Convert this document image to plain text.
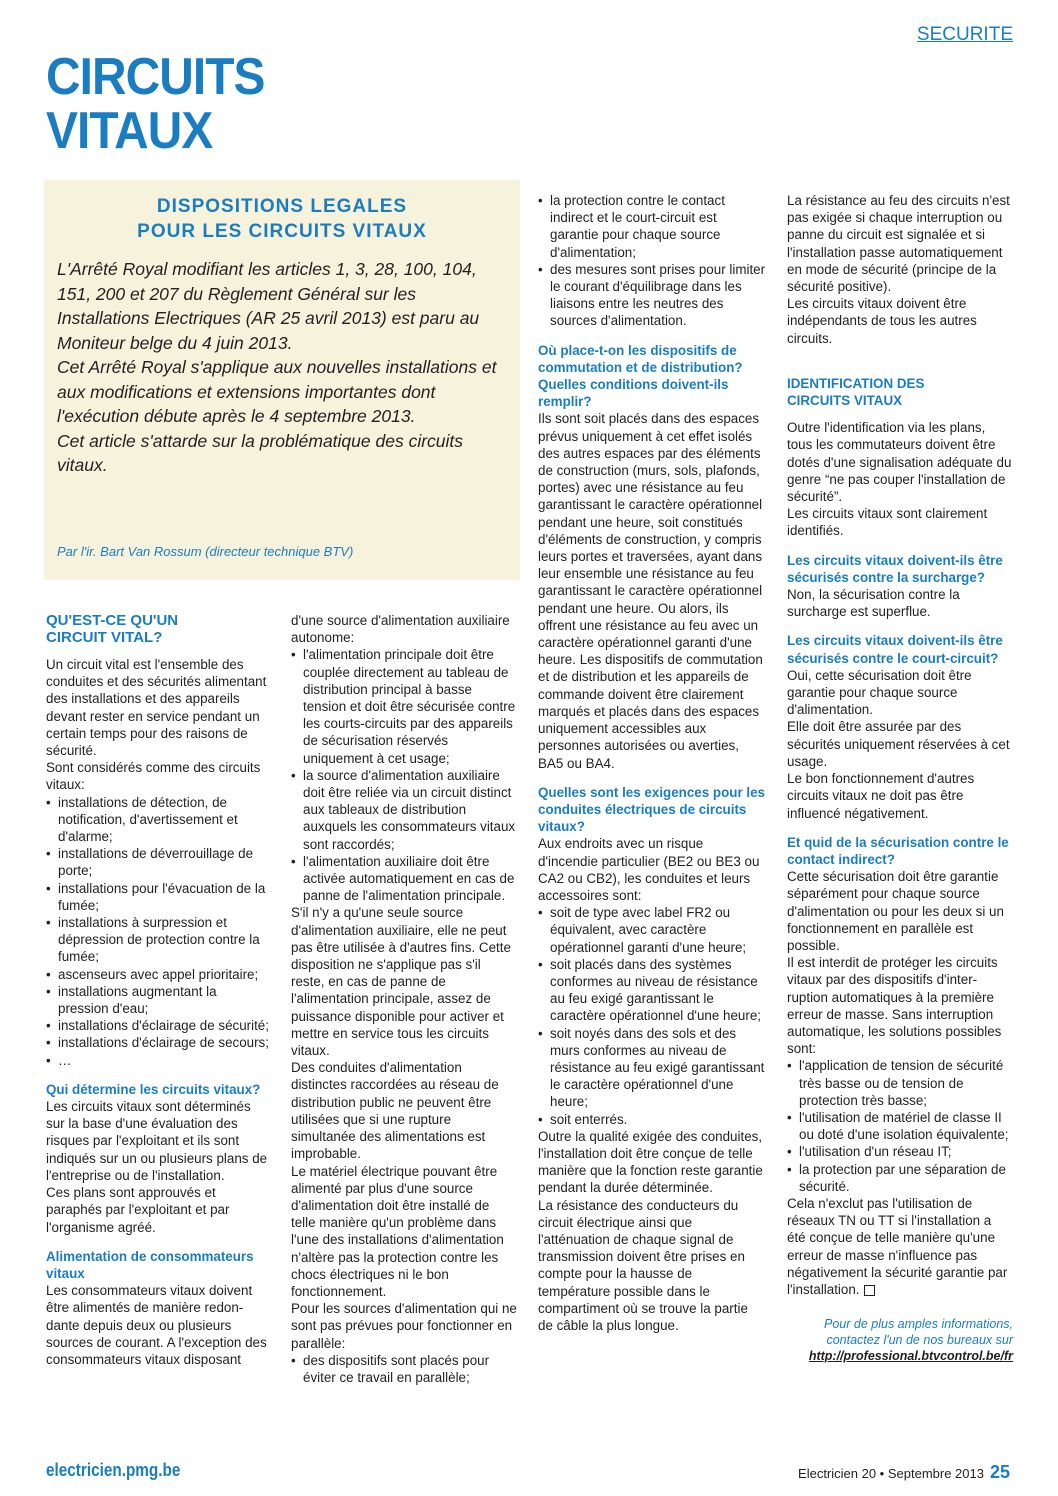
SECURITE
CIRCUITS
VITAUX
DISPOSITIONS LEGALES
POUR LES CIRCUITS VITAUX

L'Arrêté Royal modifiant les articles 1, 3, 28, 100, 104, 151, 200 et 207 du Règlement Général sur les Installations Electriques (AR 25 avril 2013) est paru au Moniteur belge du 4 juin 2013.

Cet Arrêté Royal s'applique aux nouvelles installations et aux modifications et extensions importantes dont l'exécution débute après le 4 septembre 2013.

Cet article s'attarde sur la problématique des circuits vitaux.

Par l'ir. Bart Van Rossum (directeur technique BTV)

QU'EST-CE QU'UN CIRCUIT VITAL?

Un circuit vital est l'ensemble des conduites et des sécurités alimentant des installations et des appareils devant rester en service pendant un certain temps pour des raisons de sécurité.

Sont considérés comme des circuits vitaux:

• installations de détection, de notification, d'avertissement et d'alarme;
• installations de déverrouillage de porte;
• installations pour l'évacuation de la fumée;
• installations à surpression et dépression de protection contre la fumée;
• ascenseurs avec appel prioritaire;
• installations augmentant la pression d'eau;
• installations d'éclairage de sécurité;
• installations d'éclairage de secours;
• …

Qui détermine les circuits vitaux?

Les circuits vitaux sont déterminés sur la base d'une évaluation des risques par l'exploitant et ils sont indiqués sur un ou plusieurs plans de l'entreprise ou de l'installation.

Ces plans sont approuvés et paraphés par l'exploitant et par l'organisme agréé.

Alimentation de consommateurs vitaux

Les consommateurs vitaux doivent être alimentés de manière redondante depuis deux ou plusieurs sources de courant. A l'exception des consommateurs vitaux disposant

d'une source d'alimentation auxiliaire autonome:

• l'alimentation principale doit être couplée directement au tableau de distribution principal à basse tension et doit être sécurisée contre les courts-circuits par des appareils de sécurisation réservés uniquement à cet usage;
• la source d'alimentation auxiliaire doit être reliée via un circuit distinct aux tableaux de distribution auxquels les consommateurs vitaux sont raccordés;
• l'alimentation auxiliaire doit être activée automatiquement en cas de panne de l'alimentation principale.

S'il n'y a qu'une seule source d'alimentation auxiliaire, elle ne peut pas être utilisée à d'autres fins. Cette disposition ne s'applique pas s'il reste, en cas de panne de l'alimentation principale, assez de puissance disponible pour activer et mettre en service tous les circuits vitaux.

Des conduites d'alimentation distinctes raccordées au réseau de distribution public ne peuvent être utilisées que si une rupture simultanée des alimentations est improbable.

Le matériel électrique pouvant être alimenté par plus d'une source d'alimentation doit être installé de telle manière qu'un problème dans l'une des installations d'alimentation n'altère pas la protection contre les chocs électriques ni le bon fonctionnement.

Pour les sources d'alimentation qui ne sont pas prévues pour fonctionner en parallèle:

• des dispositifs sont placés pour éviter ce travail en parallèle;
• la protection contre le contact indirect et le court-circuit est garantie pour chaque source d'alimentation;
• des mesures sont prises pour limiter le courant d'équilibrage dans les liaisons entre les neutres des sources d'alimentation.

Où place-t-on les dispositifs de commutation et de distribution? Quelles conditions doivent-ils remplir?

Ils sont soit placés dans des espaces prévus uniquement à cet effet isolés des autres espaces par des éléments de construction (murs, sols, plafonds, portes) avec une résistance au feu garantissant le caractère opérationnel pendant une heure, soit constitués d'éléments de construction, y compris leurs portes et traversées, ayant dans leur ensemble une résistance au feu garantissant le caractère opérationnel pendant une heure. Ou alors, ils offrent une résistance au feu avec un caractère opérationnel garanti d'une heure. Les dispositifs de commutation et de distribution et les appareils de commande doivent être clairement marqués et placés dans des espaces uniquement accessibles aux personnes autorisées ou averties, BA5 ou BA4.

Quelles sont les exigences pour les conduites électriques de circuits vitaux?

Aux endroits avec un risque d'incendie particulier (BE2 ou BE3 ou CA2 ou CB2), les conduites et leurs accessoires sont:

• soit de type avec label FR2 ou équivalent, avec caractère opérationnel garanti d'une heure;
• soit placés dans des systèmes conformes au niveau de résistance au feu exigé garantissant le caractère opérationnel d'une heure;
• soit noyés dans des sols et des murs conformes au niveau de résistance au feu exigé garantissant le caractère opérationnel d'une heure;
• soit enterrés.

Outre la qualité exigée des conduites, l'installation doit être conçue de telle manière que la fonction reste garantie pendant la durée déterminée.

La résistance des conducteurs du circuit électrique ainsi que l'atténuation de chaque signal de transmission doivent être prises en compte pour la hausse de température possible dans le compartiment où se trouve la partie de câble la plus longue.

La résistance au feu des circuits n'est pas exigée si chaque interruption ou panne du circuit est signalée et si l'installation passe automatiquement en mode de sécurité (principe de la sécurité positive).

Les circuits vitaux doivent être indépendants de tous les autres circuits.

IDENTIFICATION DES CIRCUITS VITAUX

Outre l'identification via les plans, tous les commutateurs doivent être dotés d'une signalisation adéquate du genre “ne pas couper l'installation de sécurité”.

Les circuits vitaux sont clairement identifiés.

Les circuits vitaux doivent-ils être sécurisés contre la surcharge?

Non, la sécurisation contre la surcharge est superflue.

Les circuits vitaux doivent-ils être sécurisés contre le court-circuit?

Oui, cette sécurisation doit être garantie pour chaque source d'alimentation.

Elle doit être assurée par des sécurités uniquement réservées à cet usage.

Le bon fonctionnement d'autres circuits vitaux ne doit pas être influencé négativement.

Et quid de la sécurisation contre le contact indirect?

Cette sécurisation doit être garantie séparément pour chaque source d'alimentation ou pour les deux si un fonctionnement en parallèle est possible.

Il est interdit de protéger les circuits vitaux par des dispositifs d'interruption automatiques à la première erreur de masse. Sans interruption automatique, les solutions possibles sont:

• l'application de tension de sécurité très basse ou de tension de protection très basse;
• l'utilisation de matériel de classe II ou doté d'une isolation équivalente;
• l'utilisation d'un réseau IT;
• la protection par une séparation de sécurité.

Cela n'exclut pas l'utilisation de réseaux TN ou TT si l'installation a été conçue de telle manière qu'une erreur de masse n'influence pas négativement la sécurité garantie par l'installation.

Pour de plus amples informations,
contactez l'un de nos bureaux sur
http://professional.btvcontrol.be/fr
electricien.pmg.be	Electricien 20 • Septembre 2013 25
